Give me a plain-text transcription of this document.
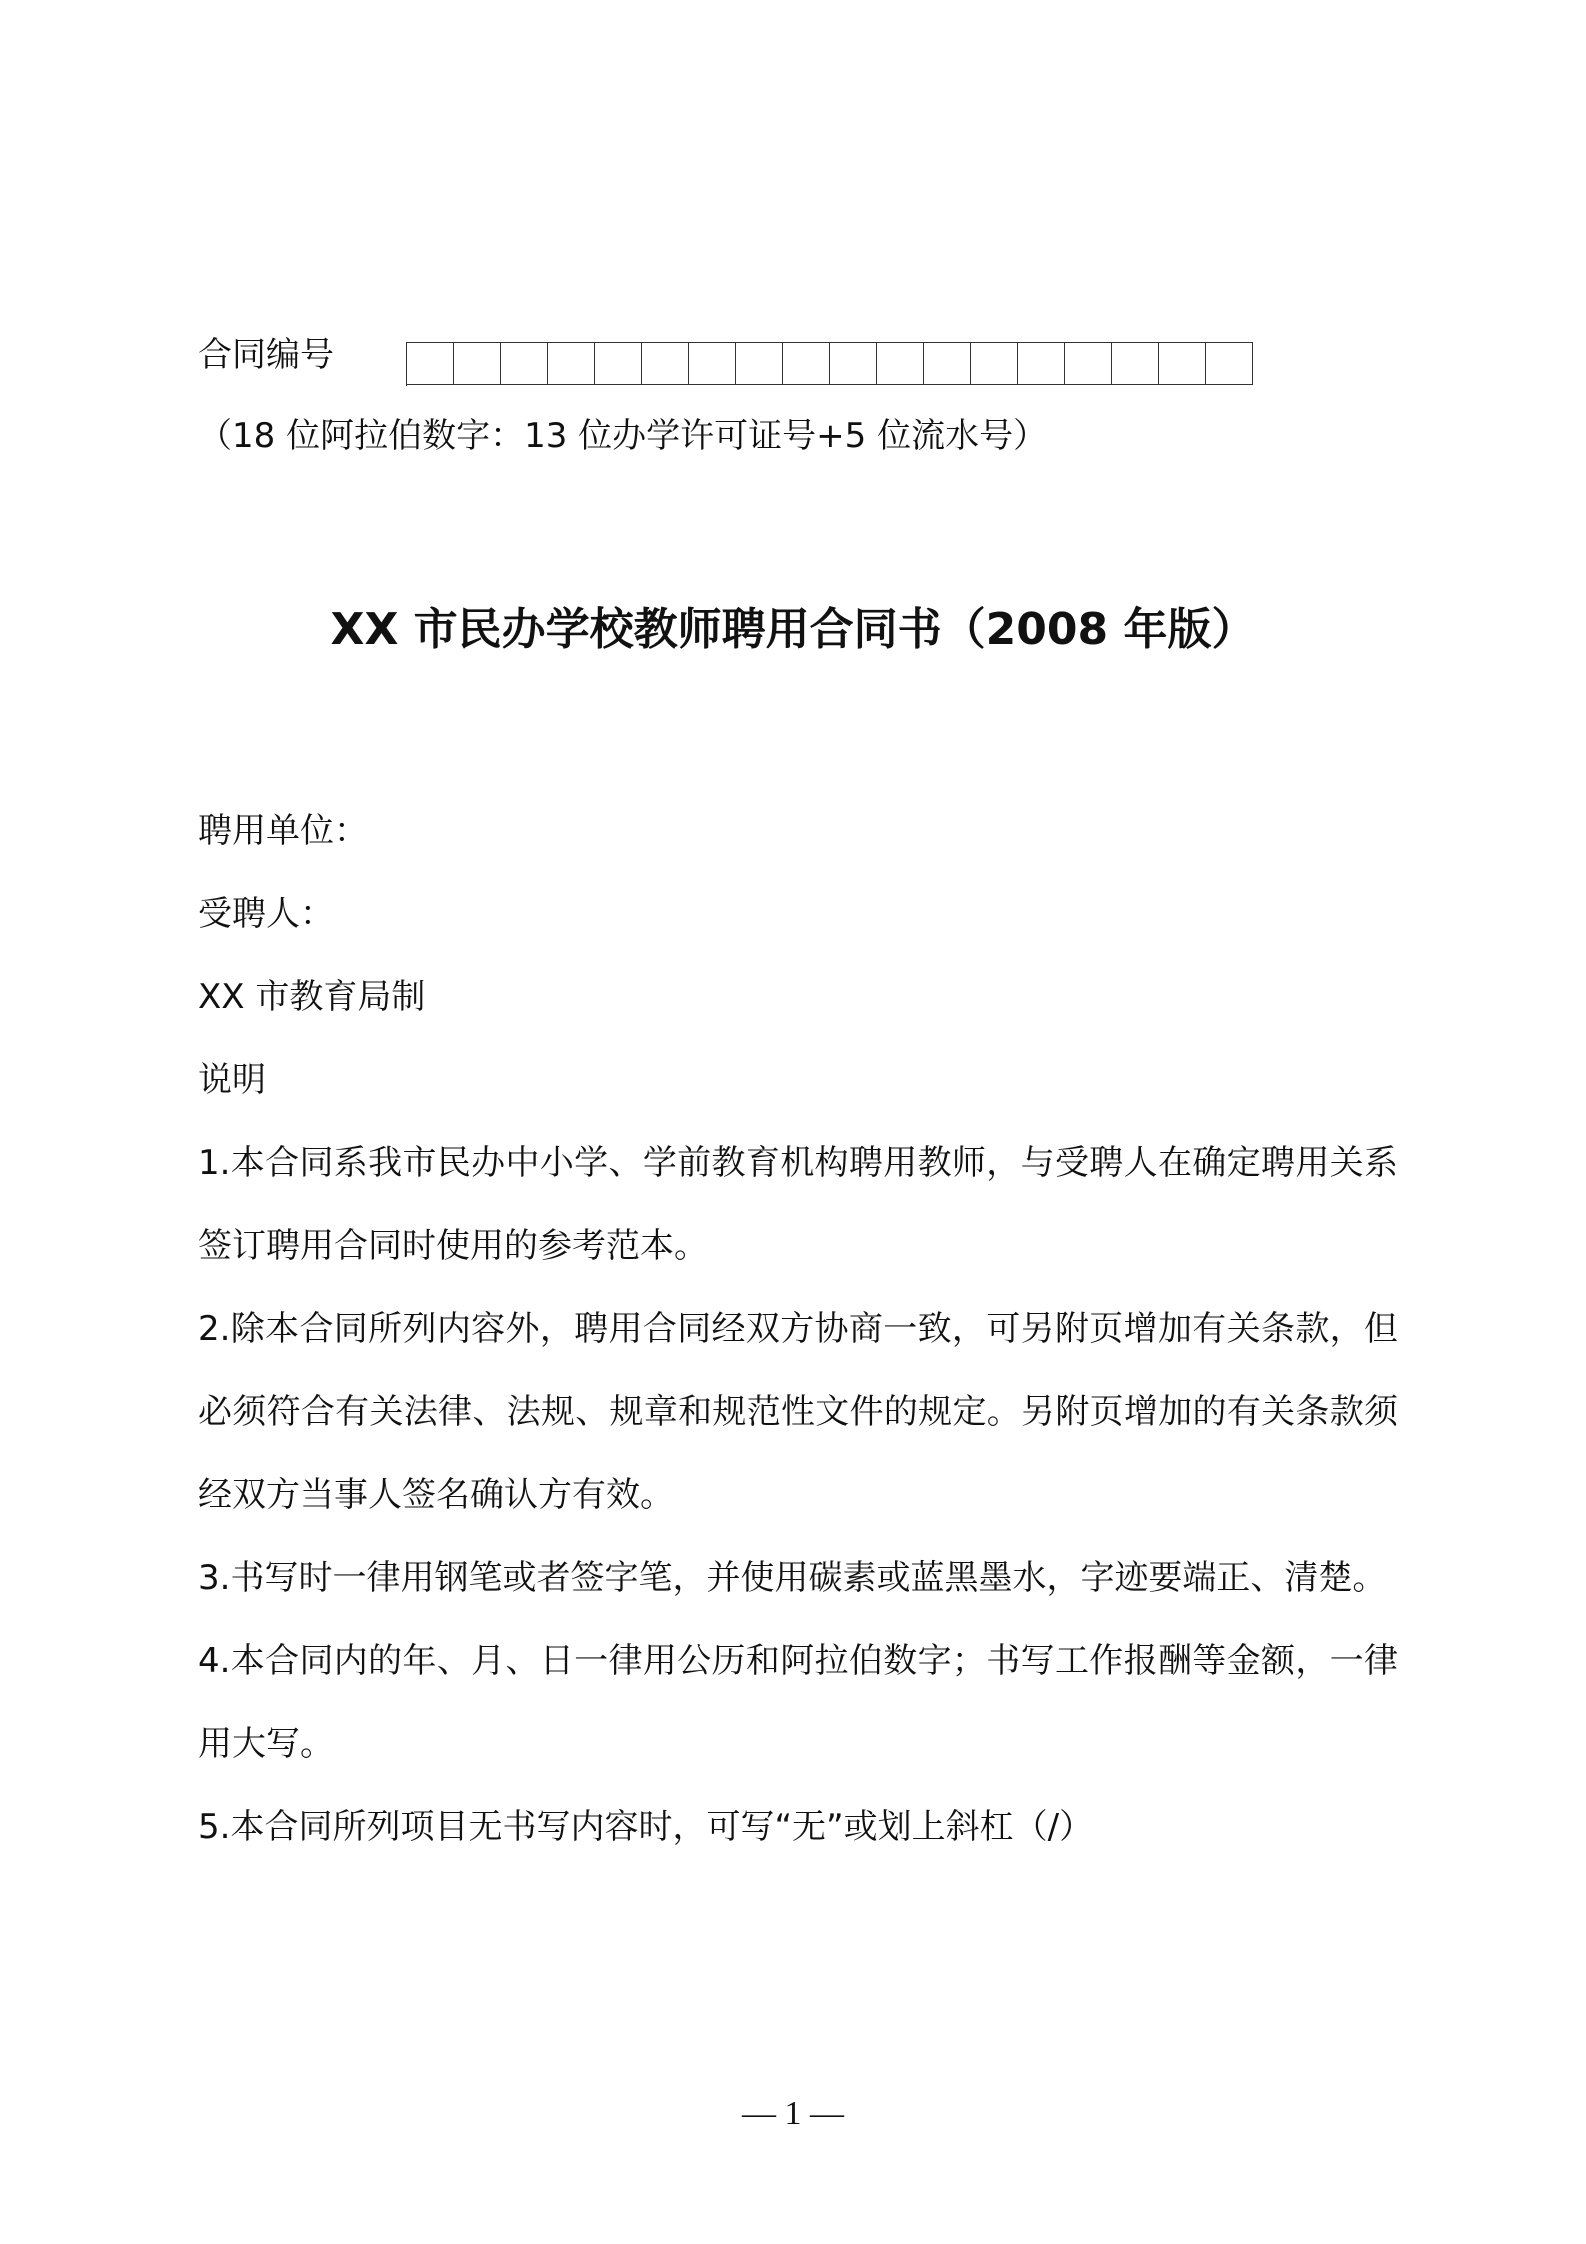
合同编号
（18 位阿拉伯数字：13 位办学许可证号+5 位流水号）
XX 市民办学校教师聘用合同书（2008 年版）
聘用单位：
受聘人：
XX 市教育局制
说明
1.本合同系我市民办中小学、学前教育机构聘用教师，与受聘人在确定聘用关系签订聘用合同时使用的参考范本。
2.除本合同所列内容外，聘用合同经双方协商一致，可另附页增加有关条款，但必须符合有关法律、法规、规章和规范性文件的规定。另附页增加的有关条款须经双方当事人签名确认方有效。
3.书写时一律用钢笔或者签字笔，并使用碳素或蓝黑墨水，字迹要端正、清楚。
4.本合同内的年、月、日一律用公历和阿拉伯数字；书写工作报酬等金额，一律用大写。
5.本合同所列项目无书写内容时，可写“无”或划上斜杠（/）
— 1 —
